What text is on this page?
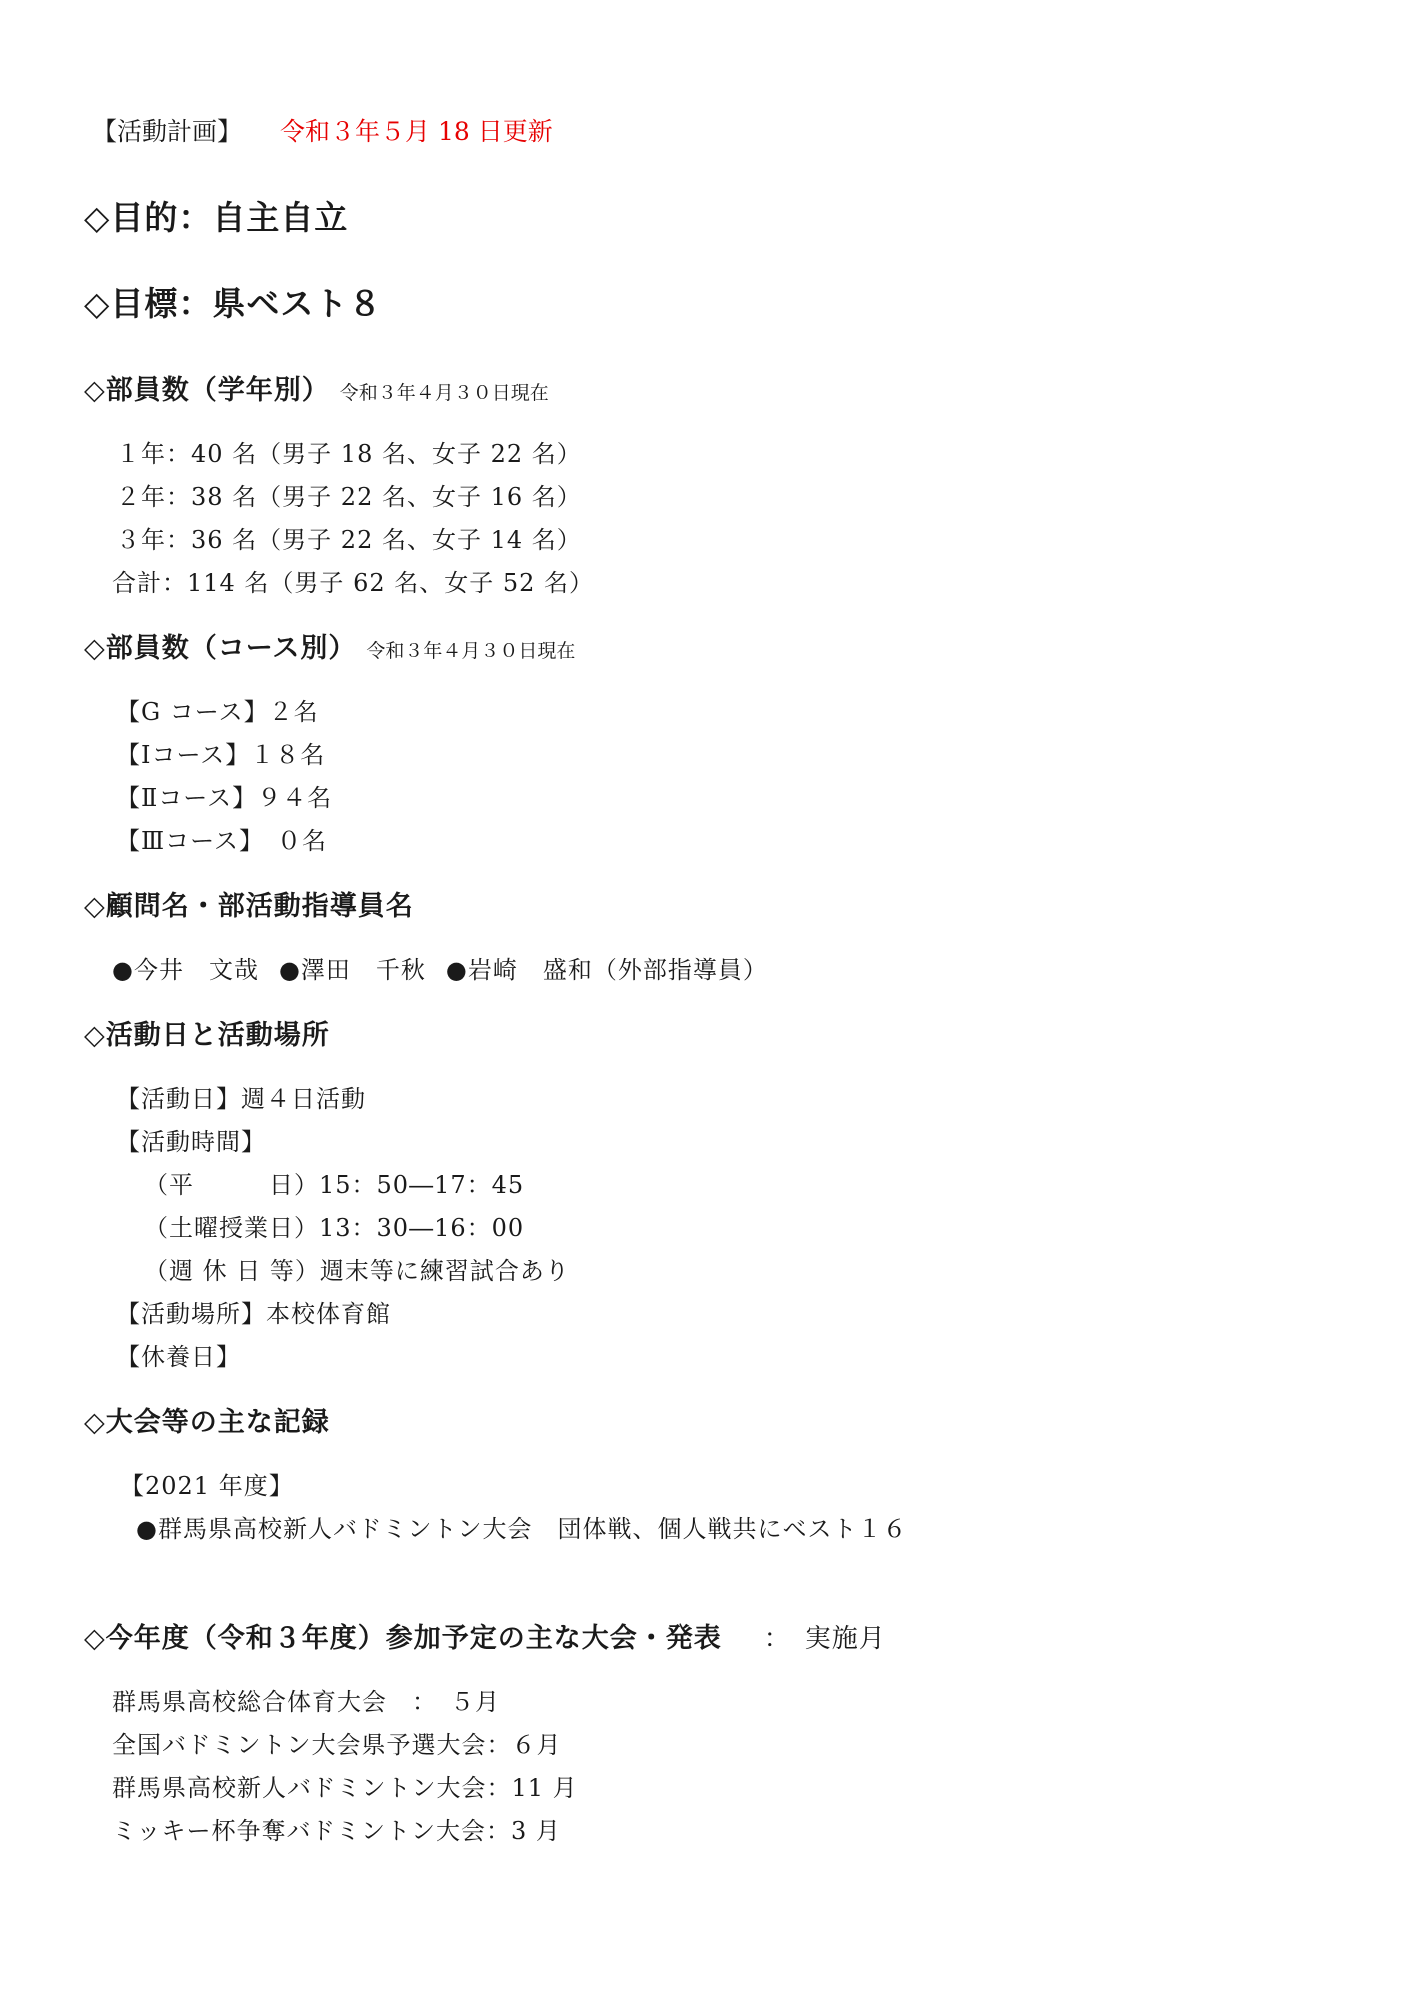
【活動計画】 令和３年５月 18 日更新
◇目的：自主自立
◇目標：県ベスト８
◇部員数（学年別） 令和３年４月３０日現在
１年：40 名（男子 18 名、女子 22 名）
２年：38 名（男子 22 名、女子 16 名）
３年：36 名（男子 22 名、女子 14 名）
合計：114 名（男子 62 名、女子 52 名）
◇部員数（コース別） 令和３年４月３０日現在
【G コース】２名
【Ⅰコース】１８名
【Ⅱコース】９４名
【Ⅲコース】　０名
◇顧問名・部活動指導員名
●今井　文哉 ●澤田　千秋 ●岩崎　盛和（外部指導員）
◇活動日と活動場所
【活動日】週４日活動
【活動時間】
（平　　　日）15：50―17：45
（土曜授業日）13：30―16：00
（週 休 日 等）週末等に練習試合あり
【活動場所】本校体育館
【休養日】
◇大会等の主な記録
【2021 年度】
●群馬県高校新人バドミントン大会　団体戦、個人戦共にベスト１６
◇今年度（令和３年度）参加予定の主な大会・発表 ：　実施月
群馬県高校総合体育大会　：　５月
全国バドミントン大会県予選大会：６月
群馬県高校新人バドミントン大会：11 月
ミッキー杯争奪バドミントン大会：3 月
